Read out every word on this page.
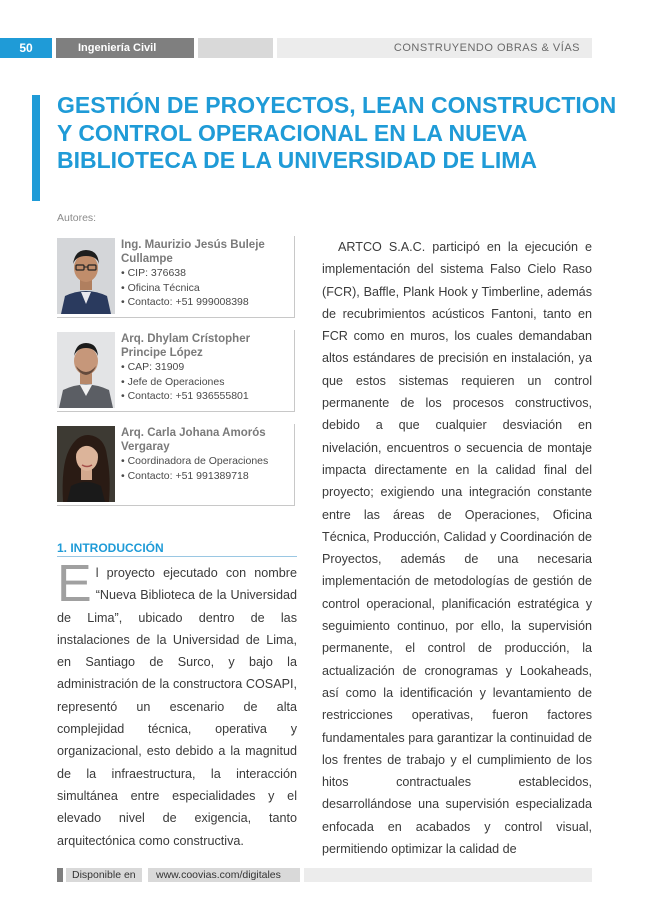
50	Ingeniería Civil	CONSTRUYENDO OBRAS & VÍAS
GESTIÓN DE PROYECTOS, LEAN CONSTRUCTION Y CONTROL OPERACIONAL EN LA NUEVA BIBLIOTECA DE LA UNIVERSIDAD DE LIMA
Autores:
Ing. Maurizio Jesús Buleje Cullampe
• CIP: 376638
• Oficina Técnica
• Contacto: +51 999008398
Arq. Dhylam Crístopher Principe López
• CAP: 31909
• Jefe de Operaciones
• Contacto: +51 936555801
Arq. Carla Johana Amorós Vergaray
• Coordinadora de Operaciones
• Contacto: +51 991389718
1. INTRODUCCIÓN
El proyecto ejecutado con nombre “Nueva Biblioteca de la Universidad de Lima”, ubicado dentro de las instalaciones de la Universidad de Lima, en Santiago de Surco, y bajo la administración de la constructora COSAPI, representó un escenario de alta complejidad técnica, operativa y organizacional, esto debido a la magnitud de la infraestructura, la interacción simultánea entre especialidades y el elevado nivel de exigencia, tanto arquitectónica como constructiva.
ARTCO S.A.C. participó en la ejecución e implementación del sistema Falso Cielo Raso (FCR), Baffle, Plank Hook y Timberline, además de recubrimientos acústicos Fantoni, tanto en FCR como en muros, los cuales demandaban altos estándares de precisión en instalación, ya que estos sistemas requieren un control permanente de los procesos constructivos, debido a que cualquier desviación en nivelación, encuentros o secuencia de montaje impacta directamente en la calidad final del proyecto; exigiendo una integración constante entre las áreas de Operaciones, Oficina Técnica, Producción, Calidad y Coordinación de Proyectos, además de una necesaria implementación de metodologías de gestión de control operacional, planificación estratégica y seguimiento continuo, por ello, la supervisión permanente, el control de producción, la actualización de cronogramas y Lookaheads, así como la identificación y levantamiento de restricciones operativas, fueron factores fundamentales para garantizar la continuidad de los frentes de trabajo y el cumplimiento de los hitos contractuales establecidos, desarrollándose una supervisión especializada enfocada en acabados y control visual, permitiendo optimizar la calidad de
Disponible en	www.coovias.com/digitales
